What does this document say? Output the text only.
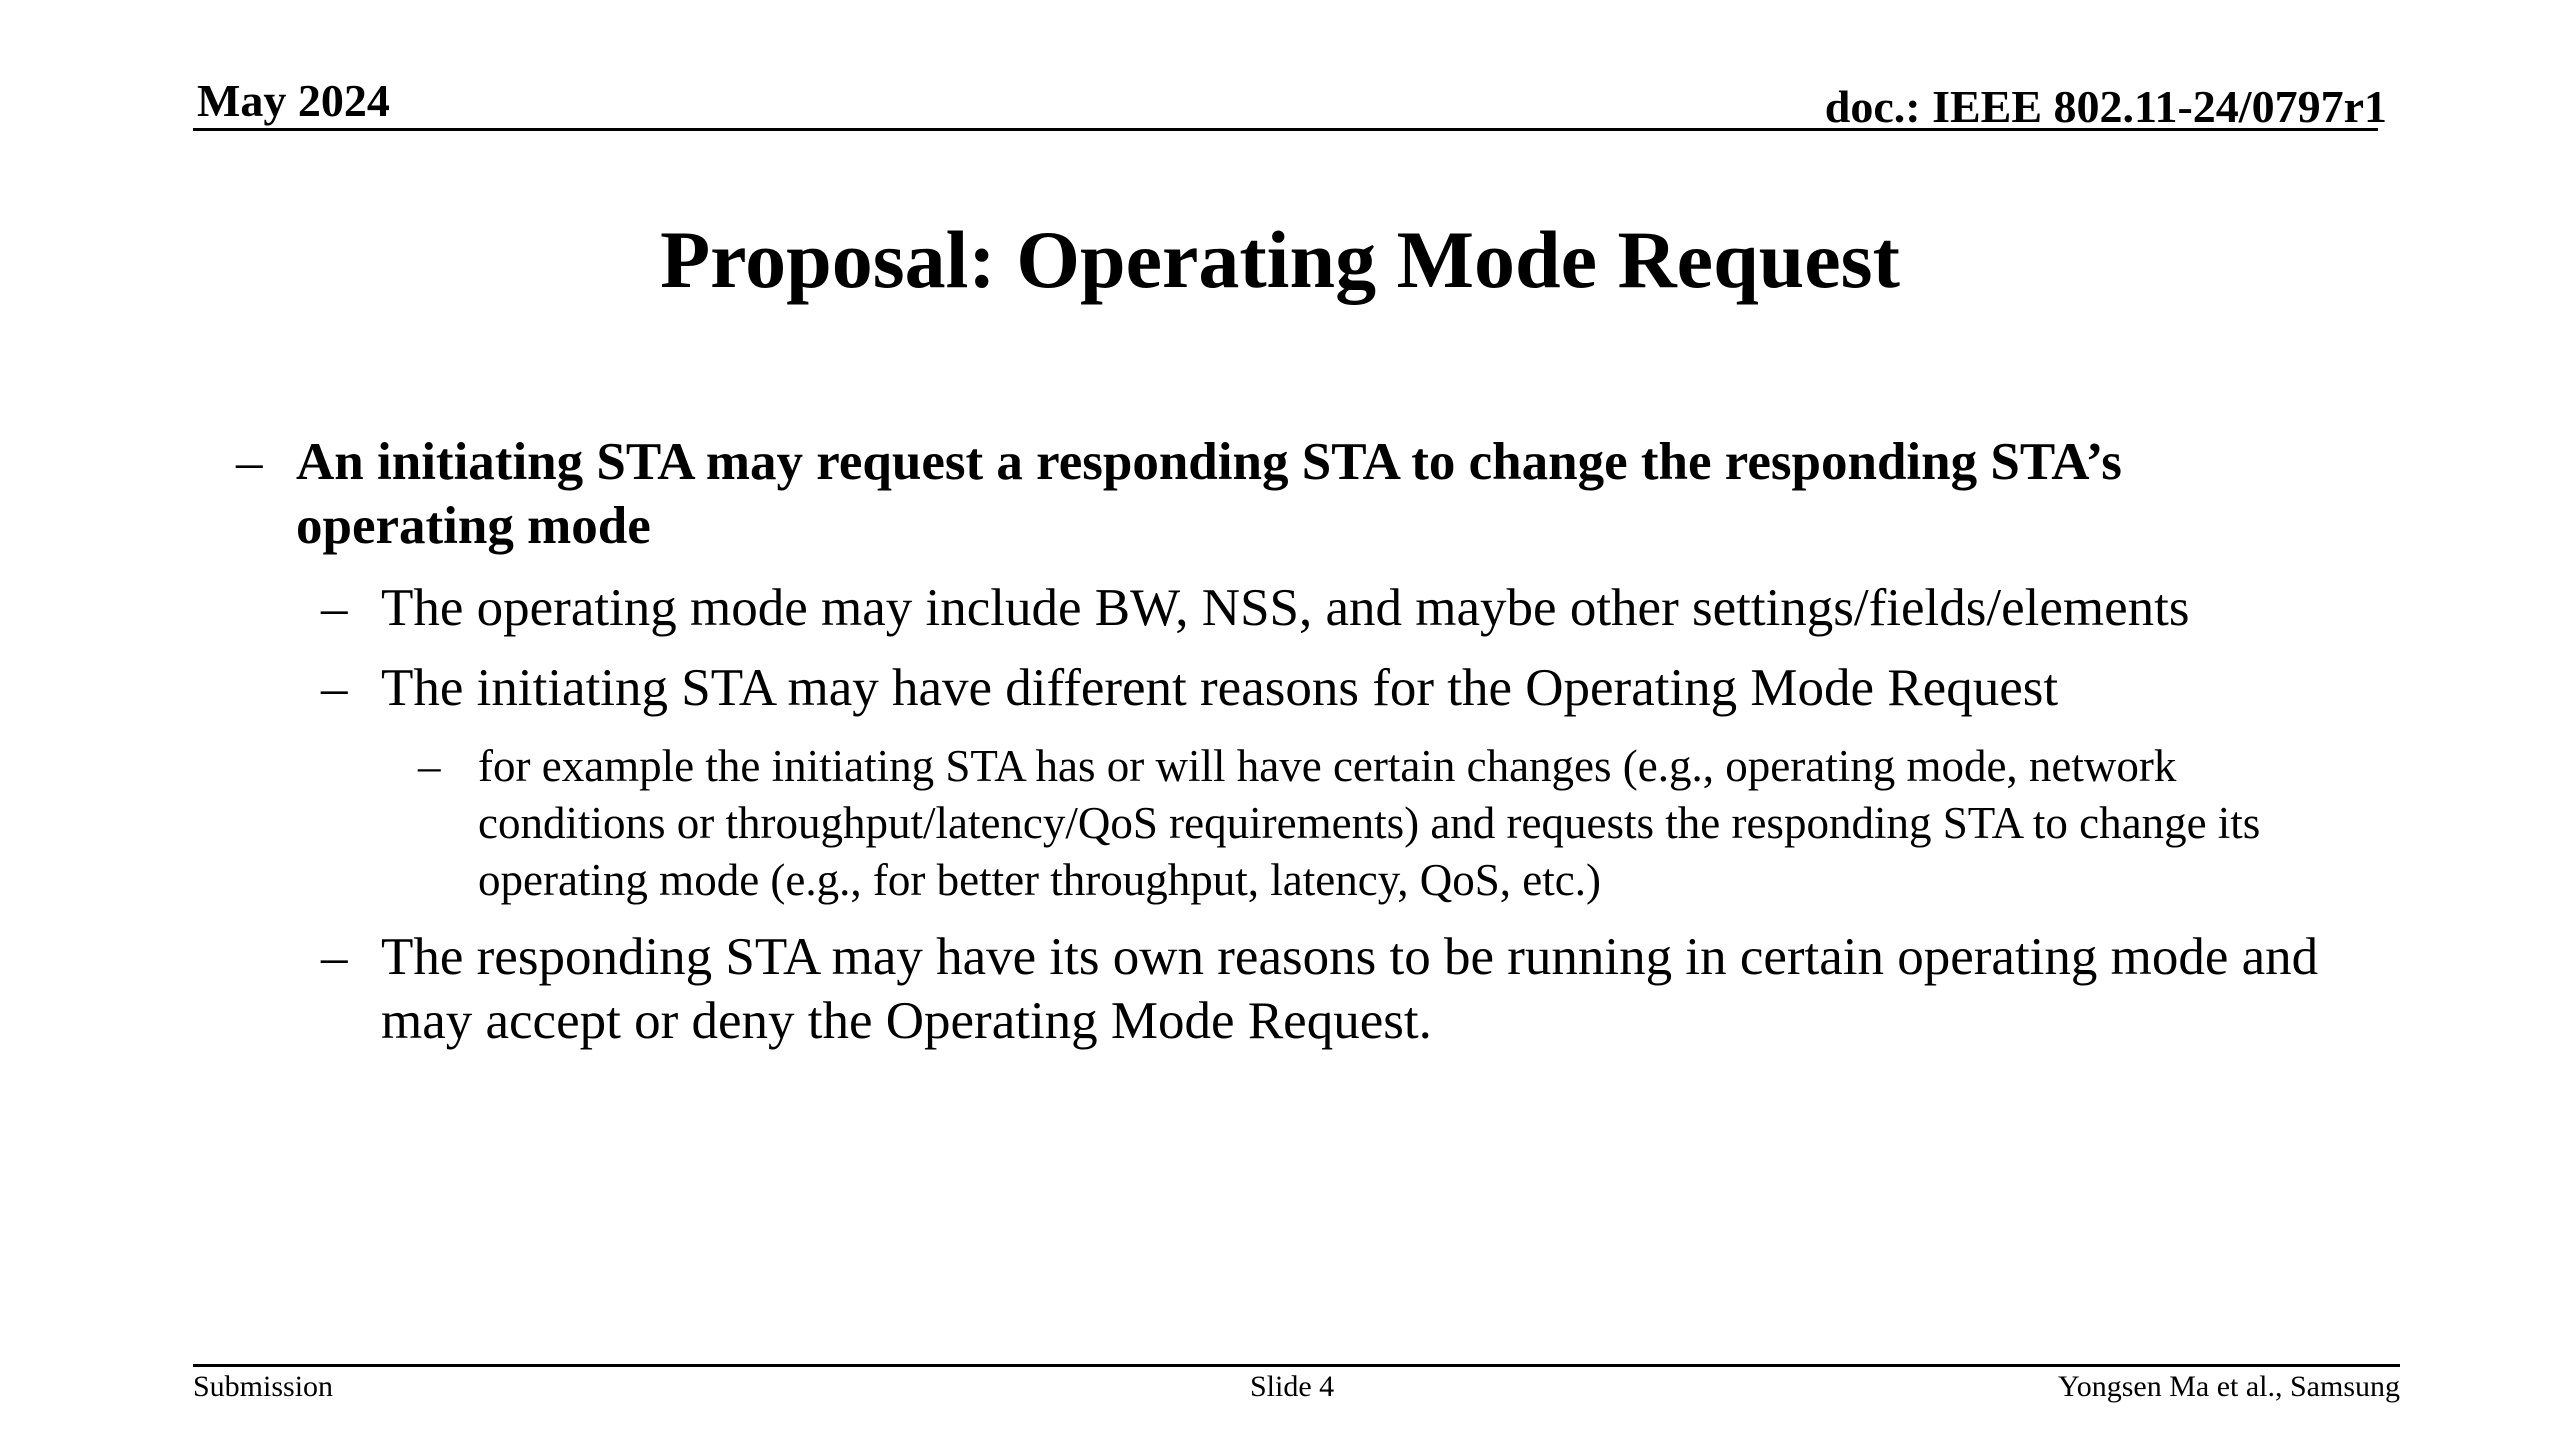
May 2024	doc.: IEEE 802.11-24/0797r1
Proposal: Operating Mode Request
– An initiating STA may request a responding STA to change the responding STA’s operating mode
– The operating mode may include BW, NSS, and maybe other settings/fields/elements
– The initiating STA may have different reasons for the Operating Mode Request
– for example the initiating STA has or will have certain changes (e.g., operating mode, network conditions or throughput/latency/QoS requirements) and requests the responding STA to change its operating mode (e.g., for better throughput, latency, QoS, etc.)
– The responding STA may have its own reasons to be running in certain operating mode and may accept or deny the Operating Mode Request.
Submission	Slide 4	Yongsen Ma et al., Samsung
